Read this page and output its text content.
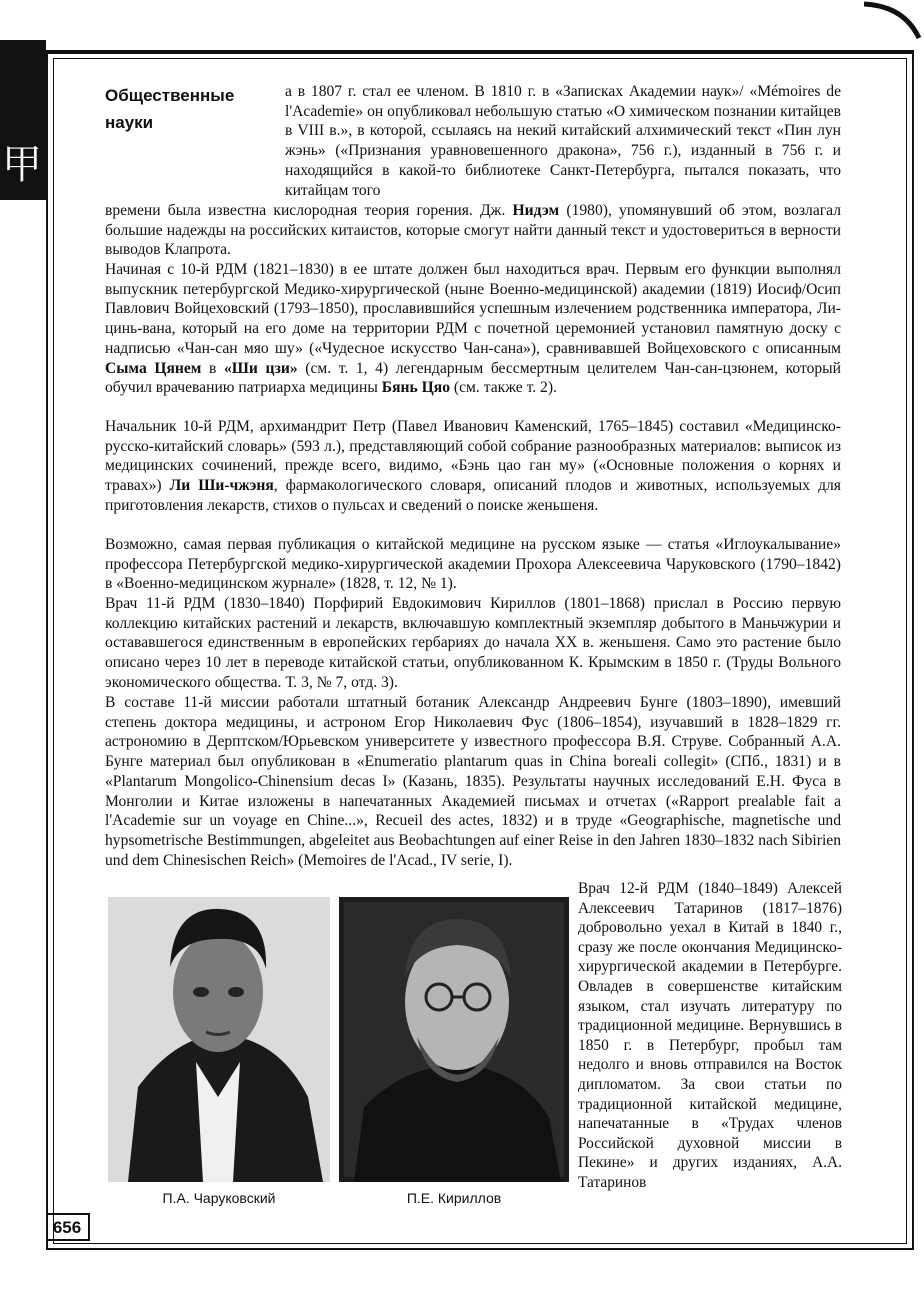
甲
Общественные науки
а в 1807 г. стал ее членом. В 1810 г. в «Записках Академии наук»/ «Mémoires de l'Academie» он опубликовал небольшую статью «О химическом познании китайцев в VIII в.», в которой, ссылаясь на некий китайский алхимический текст «Пин лун жэнь» («Признания уравновешенного дракона», 756 г.), изданный в 756 г. и находящийся в какой-то библиотеке Санкт-Петербурга, пытался показать, что китайцам того
времени была известна кислородная теория горения. Дж. Нидэм (1980), упомянувший об этом, возлагал большие надежды на российских китаистов, которые смогут найти данный текст и удостовериться в верности выводов Клапрота.
Начиная с 10-й РДМ (1821–1830) в ее штате должен был находиться врач. Первым его функции выполнял выпускник петербургской Медико-хирургической (ныне Военно-медицинской) академии (1819) Иосиф/Осип Павлович Войцеховский (1793–1850), прославившийся успешным излечением родственника императора, Ли-цинь-вана, который на его доме на территории РДМ с почетной церемонией установил памятную доску с надписью «Чан-сан мяо шу» («Чудесное искусство Чан-сана»), сравнивавшей Войцеховского с описанным Сыма Цянем в «Ши цзи» (см. т. 1, 4) легендарным бессмертным целителем Чан-сан-цзюнем, который обучил врачеванию патриарха медицины Бянь Цяо (см. также т. 2).
Начальник 10-й РДМ, архимандрит Петр (Павел Иванович Каменский, 1765–1845) составил «Медицинско-русско-китайский словарь» (593 л.), представляющий собой собрание разнообразных материалов: выписок из медицинских сочинений, прежде всего, видимо, «Бэнь цао ган му» («Основные положения о корнях и травах») Ли Ши-чжэня, фармакологического словаря, описаний плодов и животных, используемых для приготовления лекарств, стихов о пульсах и сведений о поиске женьшеня.
Возможно, самая первая публикация о китайской медицине на русском языке — статья «Иглоукалывание» профессора Петербургской медико-хирургической академии Прохора Алексеевича Чаруковского (1790–1842) в «Военно-медицинском журнале» (1828, т. 12, № 1).
Врач 11-й РДМ (1830–1840) Порфирий Евдокимович Кириллов (1801–1868) прислал в Россию первую коллекцию китайских растений и лекарств, включавшую комплектный экземпляр добытого в Маньчжурии и остававшегося единственным в европейских гербариях до начала XX в. женьшеня. Само это растение было описано через 10 лет в переводе китайской статьи, опубликованном К. Крымским в 1850 г. (Труды Вольного экономического общества. Т. 3, № 7, отд. 3).
В составе 11-й миссии работали штатный ботаник Александр Андреевич Бунге (1803–1890), имевший степень доктора медицины, и астроном Егор Николаевич Фус (1806–1854), изучавший в 1828–1829 гг. астрономию в Дерптском/Юрьевском университете у известного профессора В.Я. Струве. Собранный А.А. Бунге материал был опубликован в «Enumeratio plantarum quas in China boreali collegit» (СПб., 1831) и в «Plantarum Mongolico-Chinensium decas I» (Казань, 1835). Результаты научных исследований Е.Н. Фуса в Монголии и Китае изложены в напечатанных Академией письмах и отчетах («Rapport prealable fait a l'Academie sur un voyage en Chine...», Recueil des actes, 1832) и в труде «Geographische, magnetische und hypsometrische Bestimmungen, abgeleitet aus Beobachtungen auf einer Reise in den Jahren 1830–1832 nach Sibirien und dem Chinesischen Reich» (Memoires de l'Acad., IV serie, I).
П.А. Чаруковский	П.Е. Кириллов
Врач 12-й РДМ (1840–1849) Алексей Алексеевич Татаринов (1817–1876) добровольно уехал в Китай в 1840 г., сразу же после окончания Медицинско-хирургической академии в Петербурге. Овладев в совершенстве китайским языком, стал изучать литературу по традиционной медицине. Вернувшись в 1850 г. в Петербург, пробыл там недолго и вновь отправился на Восток дипломатом. За свои статьи по традиционной китайской медицине, напечатанные в «Трудах членов Российской духовной миссии в Пекине» и других изданиях, А.А. Татаринов
656
